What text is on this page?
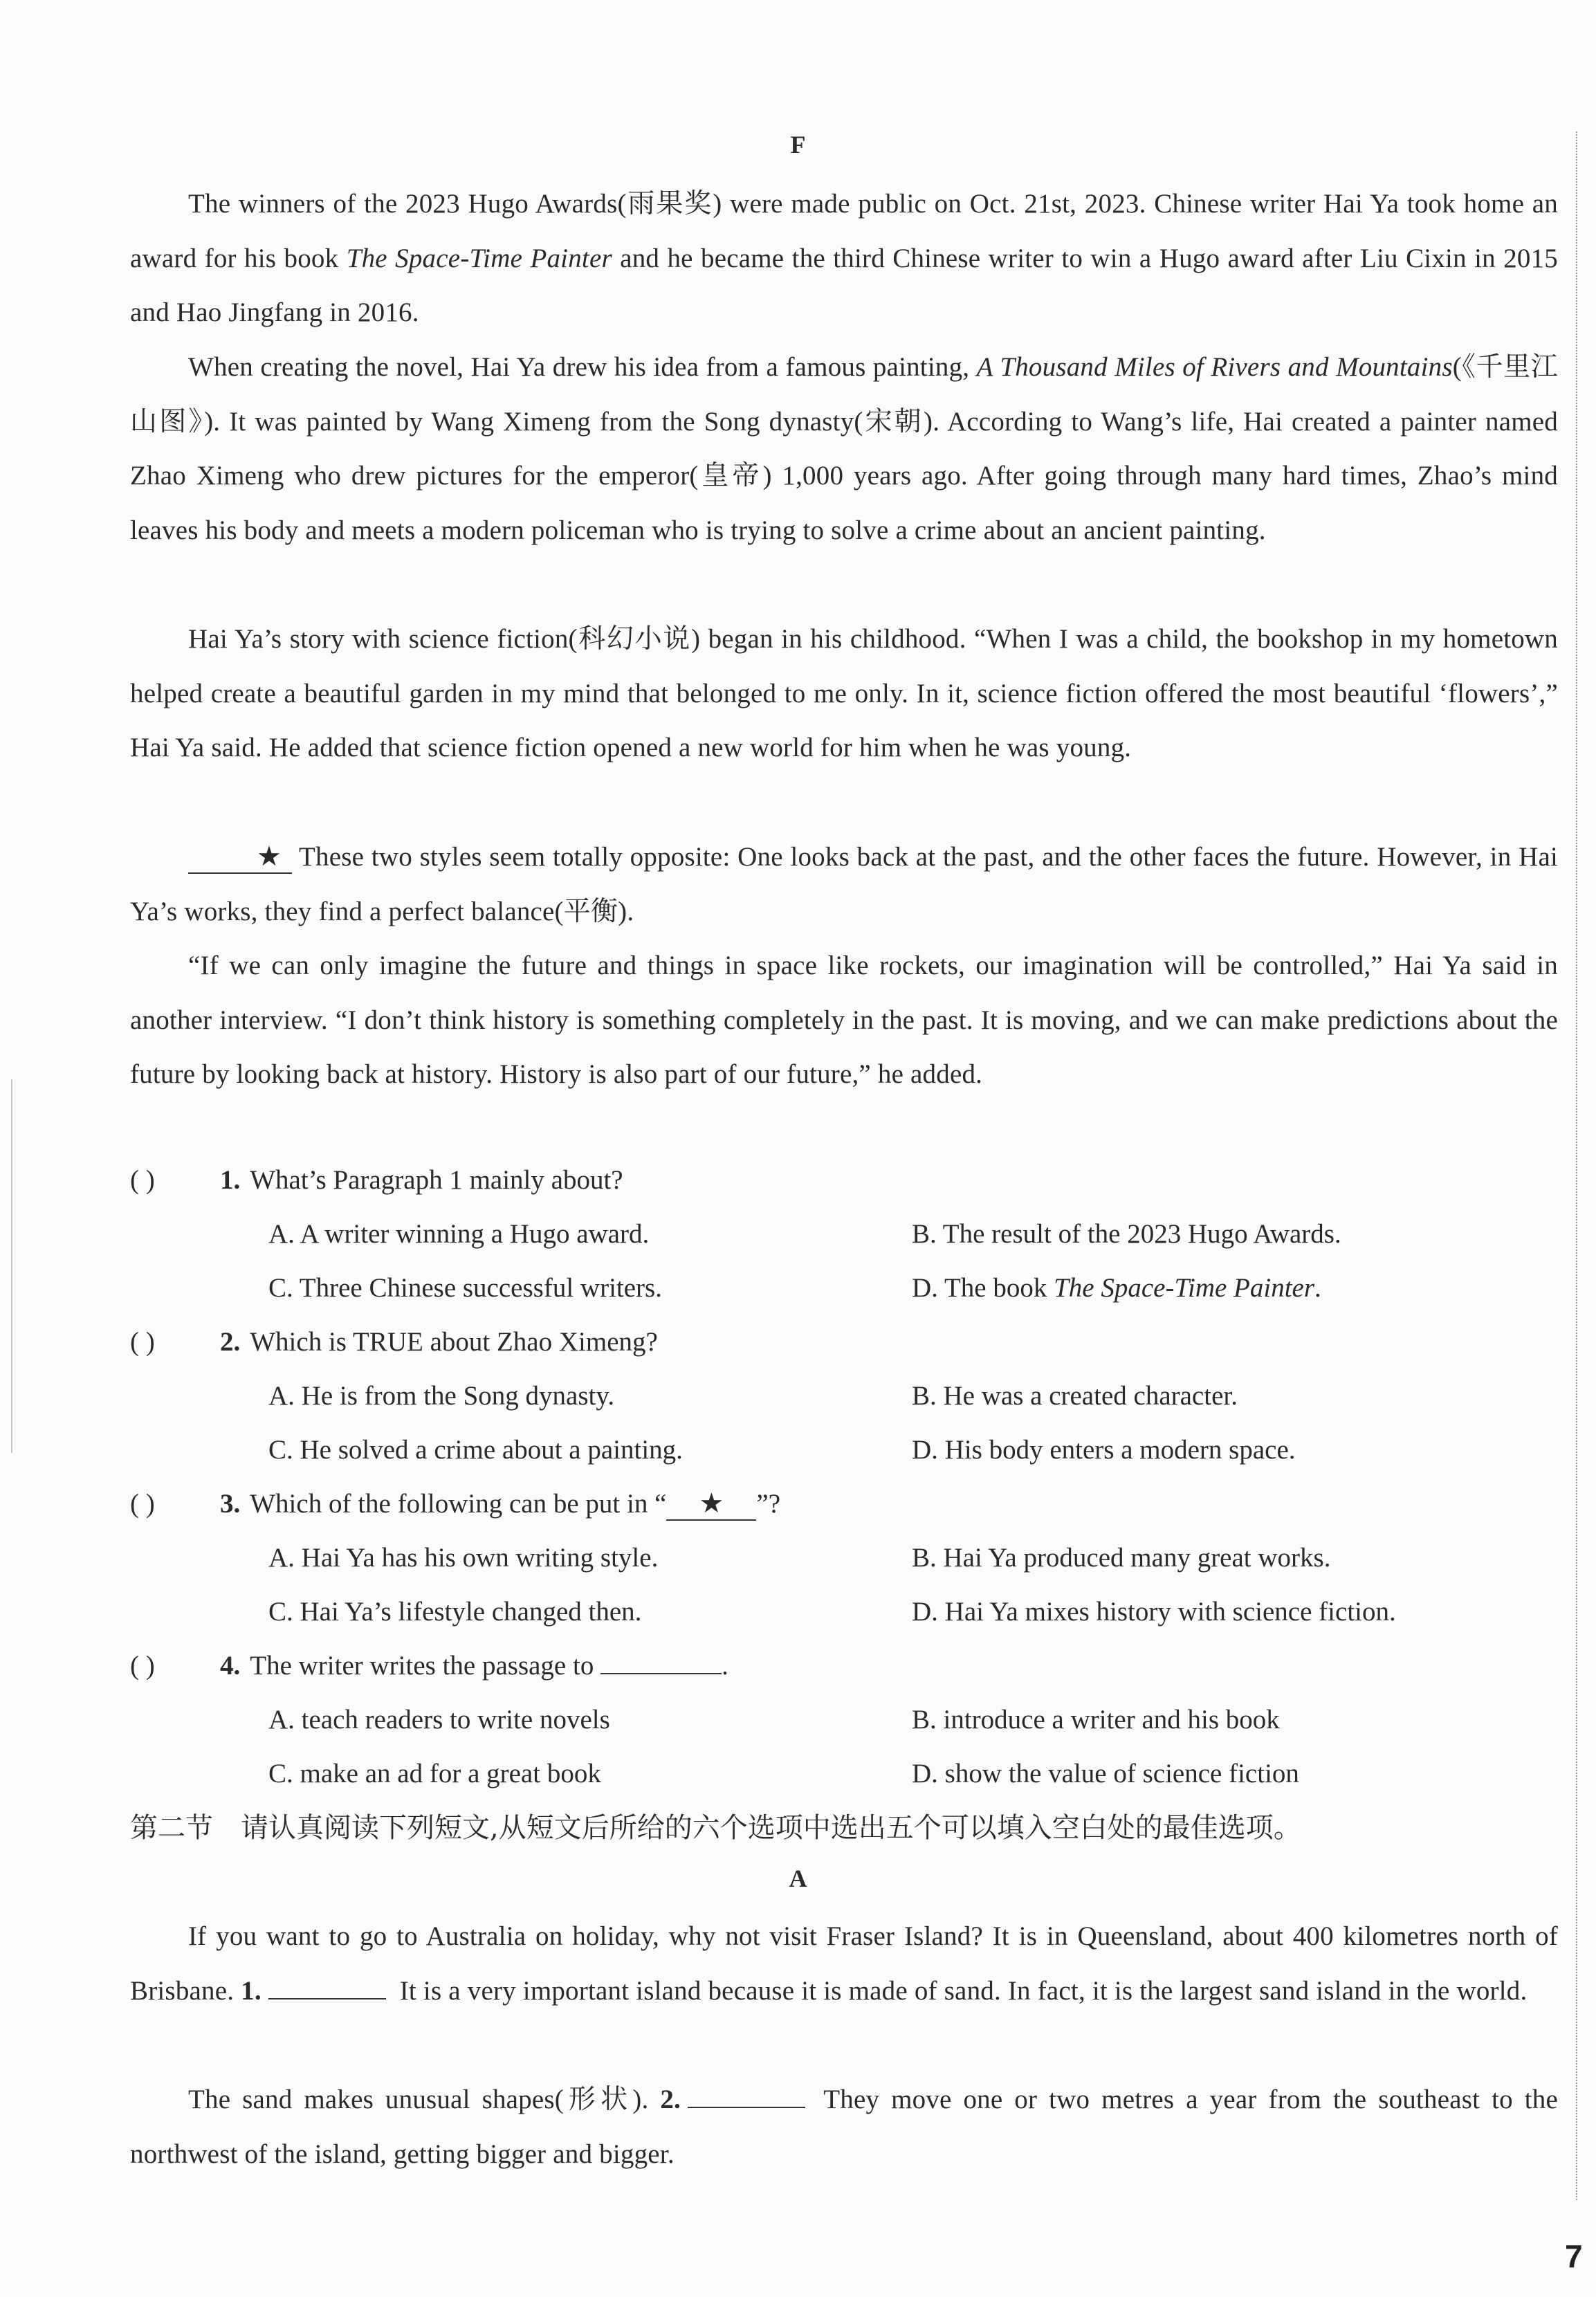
F
The winners of the 2023 Hugo Awards(雨果奖) were made public on Oct. 21st, 2023. Chinese writer Hai Ya took home an award for his book The Space-Time Painter and he became the third Chinese writer to win a Hugo award after Liu Cixin in 2015 and Hao Jingfang in 2016.
When creating the novel, Hai Ya drew his idea from a famous painting, A Thousand Miles of Rivers and Mountains(《千里江山图》). It was painted by Wang Ximeng from the Song dynasty(宋朝). According to Wang’s life, Hai created a painter named Zhao Ximeng who drew pictures for the emperor(皇帝) 1,000 years ago. After going through many hard times, Zhao’s mind leaves his body and meets a modern policeman who is trying to solve a crime about an ancient painting.
Hai Ya’s story with science fiction(科幻小说) began in his childhood. “When I was a child, the bookshop in my hometown helped create a beautiful garden in my mind that belonged to me only. In it, science fiction offered the most beautiful ‘flowers’,” Hai Ya said. He added that science fiction opened a new world for him when he was young.
★ These two styles seem totally opposite: One looks back at the past, and the other faces the future. However, in Hai Ya’s works, they find a perfect balance(平衡).
“If we can only imagine the future and things in space like rockets, our imagination will be controlled,” Hai Ya said in another interview. “I don’t think history is something completely in the past. It is moving, and we can make predictions about the future by looking back at history. History is also part of our future,” he added.
( ) 1. What’s Paragraph 1 mainly about?
A. A writer winning a Hugo award.	B. The result of the 2023 Hugo Awards.
C. Three Chinese successful writers.	D. The book The Space-Time Painter.
( ) 2. Which is TRUE about Zhao Ximeng?
A. He is from the Song dynasty.	B. He was a created character.
C. He solved a crime about a painting.	D. His body enters a modern space.
( ) 3. Which of the following can be put in “ ★ ”?
A. Hai Ya has his own writing style.	B. Hai Ya produced many great works.
C. Hai Ya’s lifestyle changed then.	D. Hai Ya mixes history with science fiction.
( ) 4. The writer writes the passage to	.
A. teach readers to write novels	B. introduce a writer and his book
C. make an ad for a great book	D. show the value of science fiction
第二节 请认真阅读下列短文,从短文后所给的六个选项中选出五个可以填入空白处的最佳选项。
A
If you want to go to Australia on holiday, why not visit Fraser Island? It is in Queensland, about 400 kilometres north of Brisbane. 1.	It is a very important island because it is made of sand. In fact, it is the largest sand island in the world.
The sand makes unusual shapes(形状). 2.	They move one or two metres a year from the southeast to the northwest of the island, getting bigger and bigger.
7
